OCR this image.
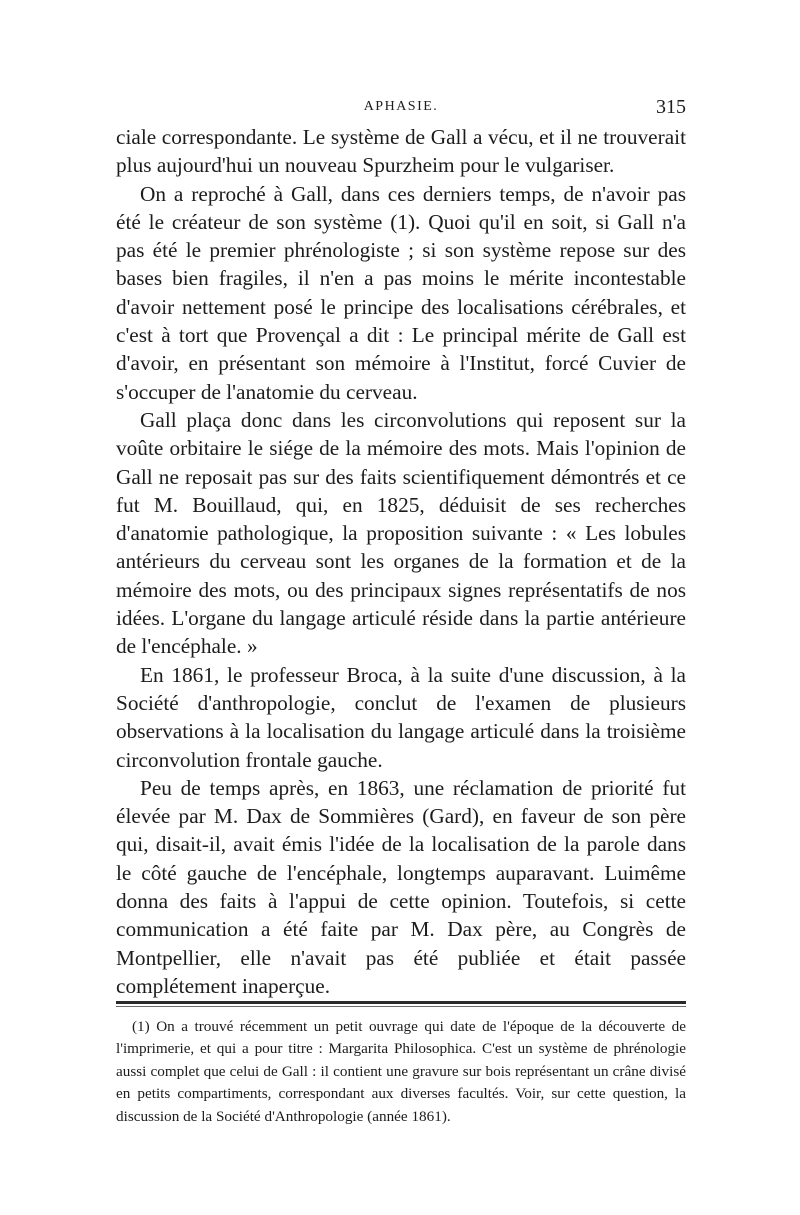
APHASIE.	315

ciale correspondante. Le système de Gall a vécu, et il ne trouverait plus aujourd'hui un nouveau Spurzheim pour le vulgariser.

On a reproché à Gall, dans ces derniers temps, de n'avoir pas été le créateur de son système (1). Quoi qu'il en soit, si Gall n'a pas été le premier phrénologiste ; si son système repose sur des bases bien fragiles, il n'en a pas moins le mérite incontestable d'avoir nettement posé le principe des localisations cérébrales, et c'est à tort que Provençal a dit : Le principal mérite de Gall est d'avoir, en présentant son mémoire à l'Institut, forcé Cuvier de s'occuper de l'anatomie du cerveau.

Gall plaça donc dans les circonvolutions qui reposent sur la voûte orbitaire le siége de la mémoire des mots. Mais l'opinion de Gall ne reposait pas sur des faits scientifiquement démontrés et ce fut M. Bouillaud, qui, en 1825, déduisit de ses recherches d'anatomie pathologique, la proposition suivante : « Les lobules antérieurs du cerveau sont les organes de la formation et de la mémoire des mots, ou des principaux signes représentatifs de nos idées. L'organe du langage articulé réside dans la partie antérieure de l'encéphale. »

En 1861, le professeur Broca, à la suite d'une discussion, à la Société d'anthropologie, conclut de l'examen de plusieurs observations à la localisation du langage articulé dans la troisième circonvolution frontale gauche.

Peu de temps après, en 1863, une réclamation de priorité fut élevée par M. Dax de Sommières (Gard), en faveur de son père qui, disait-il, avait émis l'idée de la localisation de la parole dans le côté gauche de l'encéphale, longtemps auparavant. Luimême donna des faits à l'appui de cette opinion. Toutefois, si cette communication a été faite par M. Dax père, au Congrès de Montpellier, elle n'avait pas été publiée et était passée complétement inaperçue.

(1) On a trouvé récemment un petit ouvrage qui date de l'époque de la découverte de l'imprimerie, et qui a pour titre : Margarita Philosophica. C'est un système de phrénologie aussi complet que celui de Gall : il contient une gravure sur bois représentant un crâne divisé en petits compartiments, correspondant aux diverses facultés. Voir, sur cette question, la discussion de la Société d'Anthropologie (année 1861).
